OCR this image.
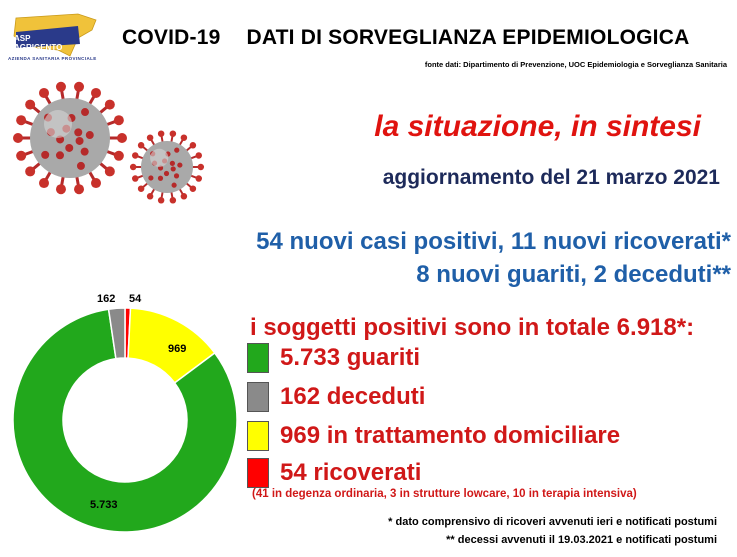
ASP
AGRIGENTO
AZIENDA SANITARIA PROVINCIALE
COVID-19 DATI DI SORVEGLIANZA EPIDEMIOLOGICA
fonte dati: Dipartimento di Prevenzione, UOC Epidemiologia e Sorveglianza Sanitaria
la situazione, in sintesi
aggiornamento del 21 marzo 2021
54 nuovi casi positivi, 11 nuovi ricoverati*
8 nuovi guariti, 2 deceduti**
54
969
5.733
162
i soggetti positivi sono in totale 6.918*:
5.733 guariti
162 deceduti
969 in trattamento domiciliare
54 ricoverati
(41 in degenza ordinaria, 3 in strutture lowcare, 10 in terapia intensiva)
* dato comprensivo di ricoveri avvenuti ieri e notificati postumi
** decessi avvenuti il 19.03.2021 e notificati postumi
